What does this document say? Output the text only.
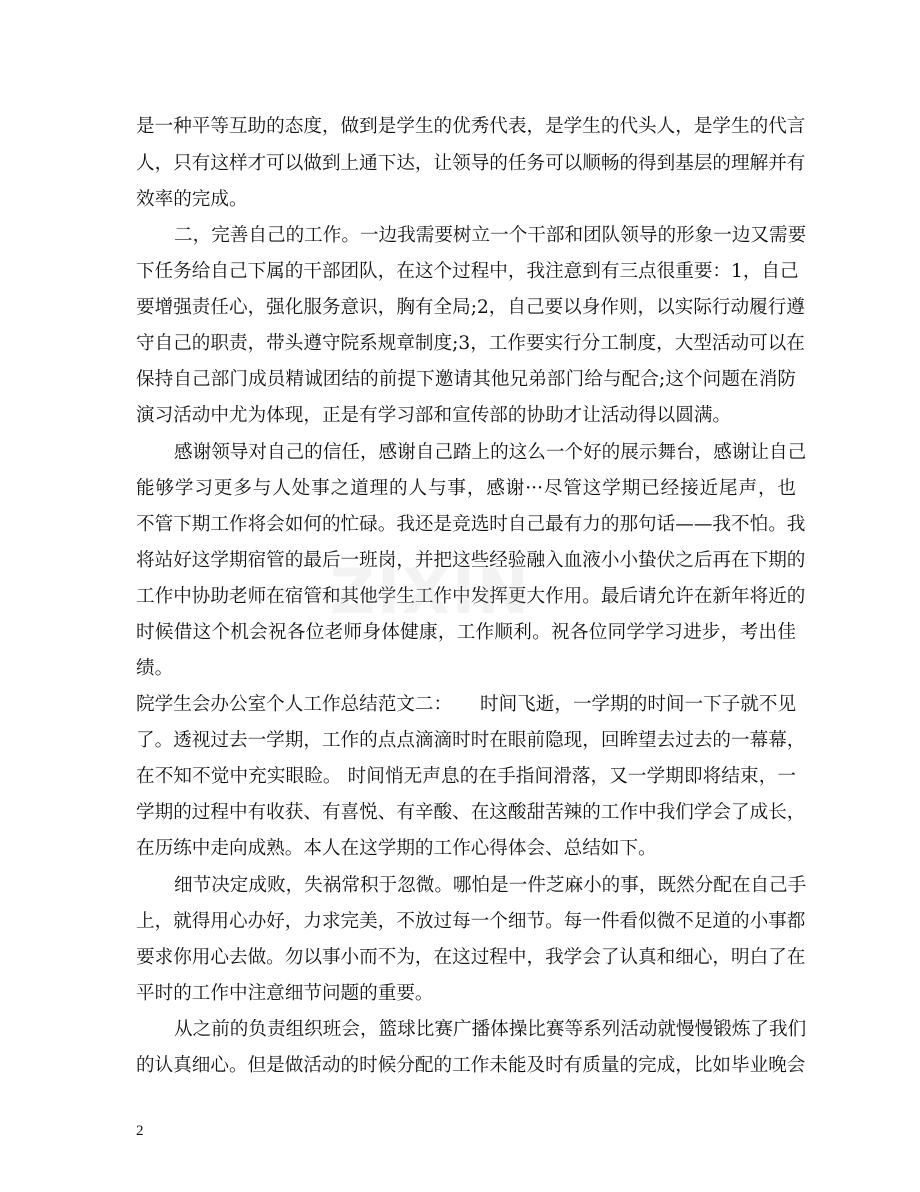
是一种平等互助的态度，做到是学生的优秀代表，是学生的代头人，是学生的代言
人，只有这样才可以做到上通下达，让领导的任务可以顺畅的得到基层的理解并有
效率的完成。
二，完善自己的工作。一边我需要树立一个干部和团队领导的形象一边又需要
下任务给自己下属的干部团队，在这个过程中，我注意到有三点很重要：1，自己
要增强责任心，强化服务意识，胸有全局;2，自己要以身作则，以实际行动履行遵
守自己的职责，带头遵守院系规章制度;3，工作要实行分工制度，大型活动可以在
保持自己部门成员精诚团结的前提下邀请其他兄弟部门给与配合;这个问题在消防
演习活动中尤为体现，正是有学习部和宣传部的协助才让活动得以圆满。
感谢领导对自己的信任，感谢自己踏上的这么一个好的展示舞台，感谢让自己
能够学习更多与人处事之道理的人与事，感谢···尽管这学期已经接近尾声，也
不管下期工作将会如何的忙碌。我还是竞选时自己最有力的那句话——我不怕。我
将站好这学期宿管的最后一班岗，并把这些经验融入血液小小蛰伏之后再在下期的
工作中协助老师在宿管和其他学生工作中发挥更大作用。最后请允许在新年将近的
时候借这个机会祝各位老师身体健康，工作顺利。祝各位同学学习进步，考出佳
绩。
院学生会办公室个人工作总结范文二：　　时间飞逝，一学期的时间一下子就不见
了。透视过去一学期，工作的点点滴滴时时在眼前隐现，回眸望去过去的一幕幕，
在不知不觉中充实眼睑。 时间悄无声息的在手指间滑落，又一学期即将结束，一
学期的过程中有收获、有喜悦、有辛酸、在这酸甜苦辣的工作中我们学会了成长，
在历练中走向成熟。本人在这学期的工作心得体会、总结如下。
细节决定成败，失祸常积于忽微。哪怕是一件芝麻小的事，既然分配在自己手
上，就得用心办好，力求完美，不放过每一个细节。每一件看似微不足道的小事都
要求你用心去做。勿以事小而不为，在这过程中，我学会了认真和细心，明白了在
平时的工作中注意细节问题的重要。
从之前的负责组织班会，篮球比赛广播体操比赛等系列活动就慢慢锻炼了我们
的认真细心。但是做活动的时候分配的工作未能及时有质量的完成，比如毕业晚会
ZIXIN
2
